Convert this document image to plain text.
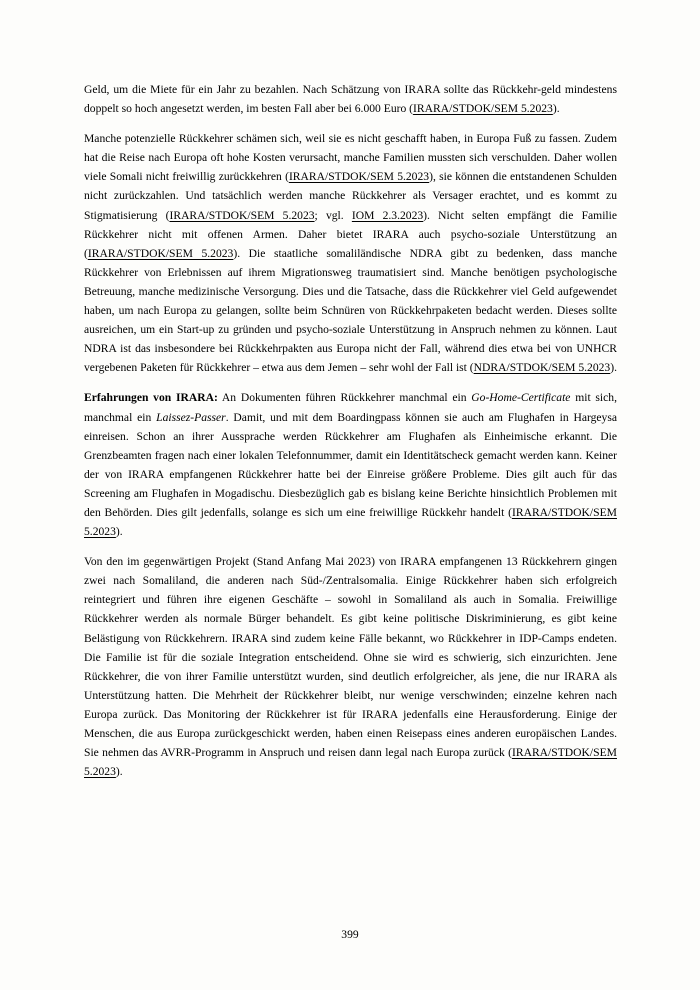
Geld, um die Miete für ein Jahr zu bezahlen. Nach Schätzung von IRARA sollte das Rückkehr-geld mindestens doppelt so hoch angesetzt werden, im besten Fall aber bei 6.000 Euro (IRARA/STDOK/SEM 5.2023).

Manche potenzielle Rückkehrer schämen sich, weil sie es nicht geschafft haben, in Europa Fuß zu fassen. Zudem hat die Reise nach Europa oft hohe Kosten verursacht, manche Familien mussten sich verschulden. Daher wollen viele Somali nicht freiwillig zurückkehren (IRARA/STDOK/SEM 5.2023), sie können die entstandenen Schulden nicht zurückzahlen. Und tatsächlich werden manche Rückkehrer als Versager erachtet, und es kommt zu Stigmatisierung (IRARA/STDOK/SEM 5.2023; vgl. IOM 2.3.2023). Nicht selten empfängt die Familie Rückkehrer nicht mit offenen Armen. Daher bietet IRARA auch psycho-soziale Unterstützung an (IRARA/STDOK/SEM 5.2023). Die staatliche somaliländische NDRA gibt zu bedenken, dass manche Rückkehrer von Erlebnissen auf ihrem Migrationsweg traumatisiert sind. Manche benötigen psychologische Betreuung, manche medizinische Versorgung. Dies und die Tatsache, dass die Rückkehrer viel Geld aufgewendet haben, um nach Europa zu gelangen, sollte beim Schnüren von Rückkehrpaketen bedacht werden. Dieses sollte ausreichen, um ein Start-up zu gründen und psycho-soziale Unterstützung in Anspruch nehmen zu können. Laut NDRA ist das insbesondere bei Rückkehrpakten aus Europa nicht der Fall, während dies etwa bei von UNHCR vergebenen Paketen für Rückkehrer – etwa aus dem Jemen – sehr wohl der Fall ist (NDRA/STDOK/SEM 5.2023).

Erfahrungen von IRARA: An Dokumenten führen Rückkehrer manchmal ein Go-Home-Certificate mit sich, manchmal ein Laissez-Passer. Damit, und mit dem Boardingpass können sie auch am Flughafen in Hargeysa einreisen. Schon an ihrer Aussprache werden Rückkehrer am Flughafen als Einheimische erkannt. Die Grenzbeamten fragen nach einer lokalen Telefonnummer, damit ein Identitätscheck gemacht werden kann. Keiner der von IRARA empfangenen Rückkehrer hatte bei der Einreise größere Probleme. Dies gilt auch für das Screening am Flughafen in Mogadischu. Diesbezüglich gab es bislang keine Berichte hinsichtlich Problemen mit den Behörden. Dies gilt jedenfalls, solange es sich um eine freiwillige Rückkehr handelt (IRARA/STDOK/SEM 5.2023).

Von den im gegenwärtigen Projekt (Stand Anfang Mai 2023) von IRARA empfangenen 13 Rückkehrern gingen zwei nach Somaliland, die anderen nach Süd-/Zentralsomalia. Einige Rückkehrer haben sich erfolgreich reintegriert und führen ihre eigenen Geschäfte – sowohl in Somaliland als auch in Somalia. Freiwillige Rückkehrer werden als normale Bürger behandelt. Es gibt keine politische Diskriminierung, es gibt keine Belästigung von Rückkehrern. IRARA sind zudem keine Fälle bekannt, wo Rückkehrer in IDP-Camps endeten. Die Familie ist für die soziale Integration entscheidend. Ohne sie wird es schwierig, sich einzurichten. Jene Rückkehrer, die von ihrer Familie unterstützt wurden, sind deutlich erfolgreicher, als jene, die nur IRARA als Unterstützung hatten. Die Mehrheit der Rückkehrer bleibt, nur wenige verschwinden; einzelne kehren nach Europa zurück. Das Monitoring der Rückkehrer ist für IRARA jedenfalls eine Herausforderung. Einige der Menschen, die aus Europa zurückgeschickt werden, haben einen Reisepass eines anderen europäischen Landes. Sie nehmen das AVRR-Programm in Anspruch und reisen dann legal nach Europa zurück (IRARA/STDOK/SEM 5.2023).

399
